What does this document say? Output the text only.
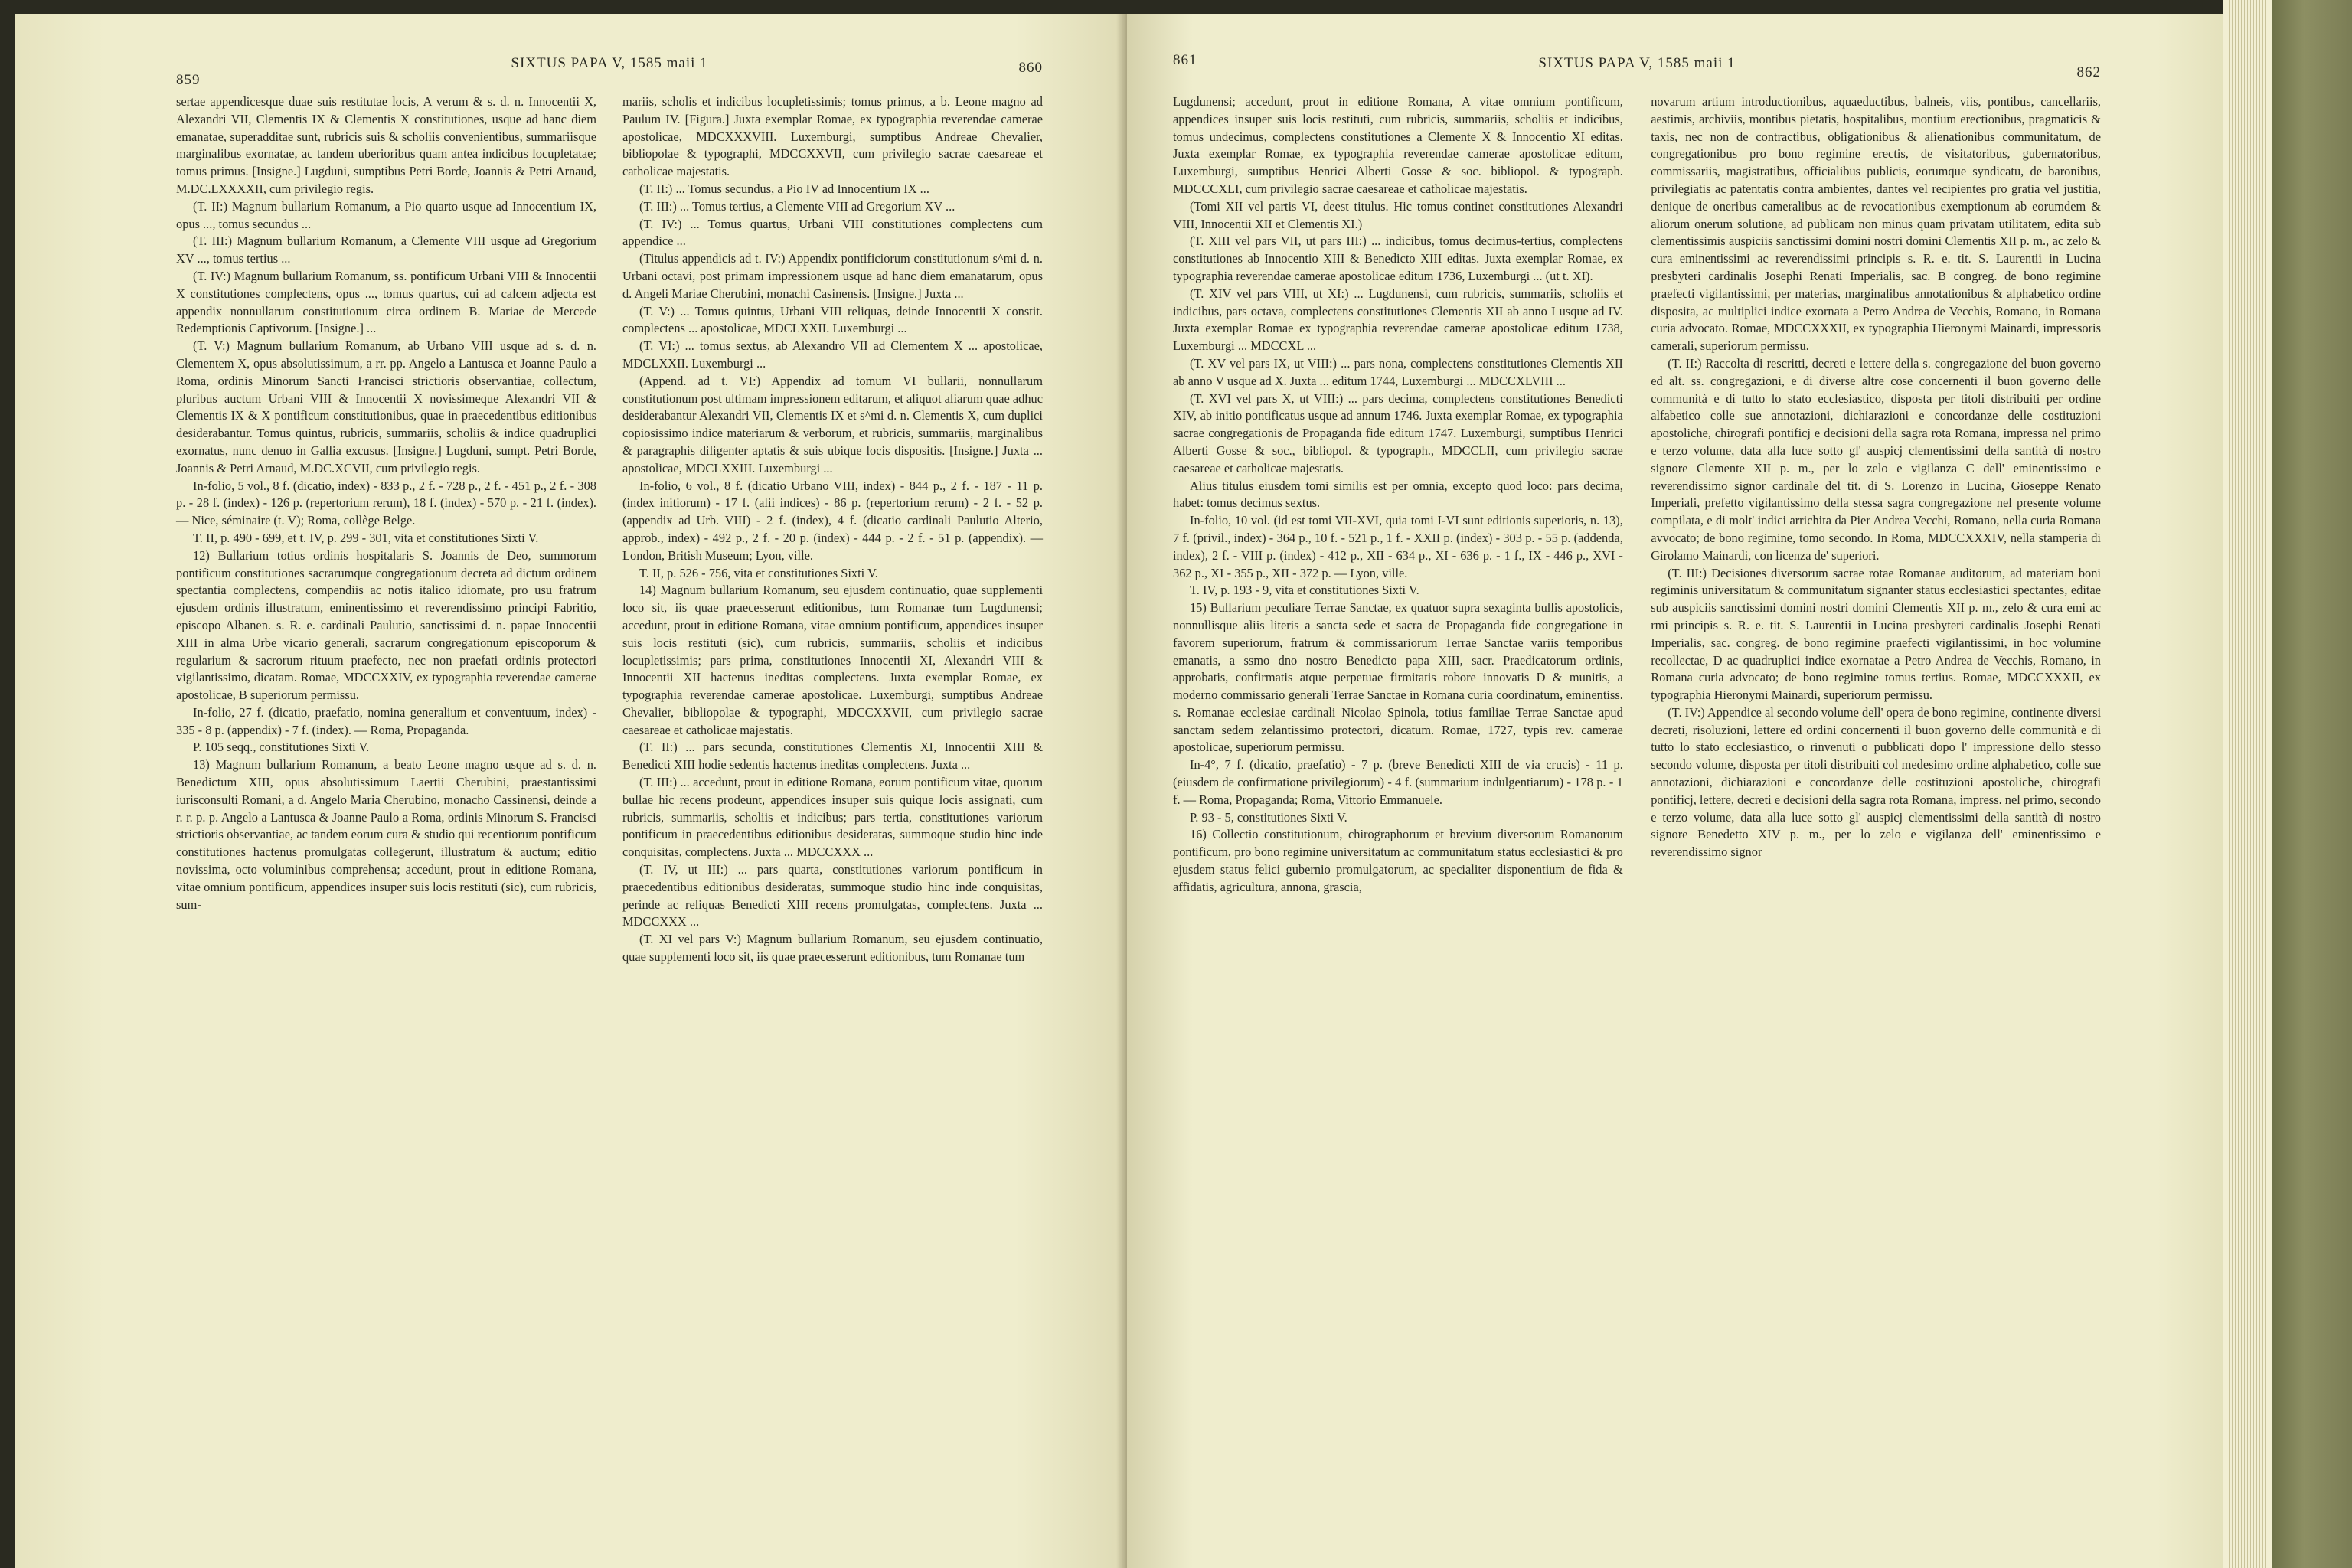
859
SIXTUS PAPA V, 1585 maii 1	860

sertae appendicesque duae suis restitutae locis, A verum & s. d. n. Innocentii X, Alexandri VII, Clementis IX & Clementis X constitutiones, usque ad hanc diem emanatae, superadditae sunt, rubricis suis & scholiis convenientibus, summariisque marginalibus exornatae, ac tandem uberioribus quam antea indicibus locupletatae; tomus primus. [Insigne.] Lugduni, sumptibus Petri Borde, Joannis & Petri Arnaud, M.DC.LXXXXII, cum privilegio regis.

(T. II:) Magnum bullarium Romanum, a Pio quarto usque ad Innocentium IX, opus ..., tomus secundus ...

(T. III:) Magnum bullarium Romanum, a Clemente VIII usque ad Gregorium XV ..., tomus tertius ...

(T. IV:) Magnum bullarium Romanum, ss. pontificum Urbani VIII & Innocentii X constitutiones complectens, opus ..., tomus quartus, cui ad calcem adjecta est appendix nonnullarum constitutionum circa ordinem B. Mariae de Mercede Redemptionis Captivorum. [Insigne.] ...

(T. V:) Magnum bullarium Romanum, ab Urbano VIII usque ad s. d. n. Clementem X, opus absolutissimum, a rr. pp. Angelo a Lantusca et Joanne Paulo a Roma, ordinis Minorum Sancti Francisci strictioris observantiae, collectum, pluribus auctum Urbani VIII & Innocentii X novissimeque Alexandri VII & Clementis IX & X pontificum constitutionibus, quae in praecedentibus editionibus desiderabantur. Tomus quintus, rubricis, summariis, scholiis & indice quadruplici exornatus, nunc denuo in Gallia excusus. [Insigne.] Lugduni, sumpt. Petri Borde, Joannis & Petri Arnaud, M.DC.XCVII, cum privilegio regis.

In-folio, 5 vol., 8 f. (dicatio, index) - 833 p., 2 f. - 728 p., 2 f. - 451 p., 2 f. - 308 p. - 28 f. (index) - 126 p. (repertorium rerum), 18 f. (index) - 570 p. - 21 f. (index). — Nice, séminaire (t. V); Roma, collège Belge.

T. II, p. 490 - 699, et t. IV, p. 299 - 301, vita et constitutiones Sixti V.

12) Bullarium totius ordinis hospitalaris S. Joannis de Deo, summorum pontificum constitutiones sacrarumque congregationum decreta ad dictum ordinem spectantia complectens, compendiis ac notis italico idiomate, pro usu fratrum ejusdem ordinis illustratum, eminentissimo et reverendissimo principi Fabritio, episcopo Albanen. s. R. e. cardinali Paulutio, sanctissimi d. n. papae Innocentii XIII in alma Urbe vicario generali, sacrarum congregationum episcoporum & regularium & sacrorum rituum praefecto, nec non praefati ordinis protectori vigilantissimo, dicatam. Romae, MDCCXXIV, ex typographia reverendae camerae apostolicae, B superiorum permissu.

In-folio, 27 f. (dicatio, praefatio, nomina generalium et conventuum, index) - 335 - 8 p. (appendix) - 7 f. (index). — Roma, Propaganda.

P. 105 seqq., constitutiones Sixti V.

13) Magnum bullarium Romanum, a beato Leone magno usque ad s. d. n. Benedictum XIII, opus absolutissimum Laertii Cherubini, praestantissimi iurisconsulti Romani, a d. Angelo Maria Cherubino, monacho Cassinensi, deinde a r. r. p. p. Angelo a Lantusca & Joanne Paulo a Roma, ordinis Minorum S. Francisci strictioris observantiae, ac tandem eorum cura & studio qui recentiorum pontificum constitutiones hactenus promulgatas collegerunt, illustratum & auctum; editio novissima, octo voluminibus comprehensa; accedunt, prout in editione Romana, vitae omnium pontificum, appendices insuper suis locis restituti (sic), cum rubricis, sum-

mariis, scholis et indicibus locupletissimis; tomus primus, a b. Leone magno ad Paulum IV. [Figura.] Juxta exemplar Romae, ex typographia reverendae camerae apostolicae, MDCXXXVIII. Luxemburgi, sumptibus Andreae Chevalier, bibliopolae & typographi, MDCCXXVII, cum privilegio sacrae caesareae et catholicae majestatis.

(T. II:) ... Tomus secundus, a Pio IV ad Innocentium IX ...

(T. III:) ... Tomus tertius, a Clemente VIII ad Gregorium XV ...

(T. IV:) ... Tomus quartus, Urbani VIII constitutiones complectens cum appendice ...

(Titulus appendicis ad t. IV:) Appendix pontificiorum constitutionum s^mi d. n. Urbani octavi, post primam impressionem usque ad hanc diem emanatarum, opus d. Angeli Mariae Cherubini, monachi Casinensis. [Insigne.] Juxta ...

(T. V:) ... Tomus quintus, Urbani VIII reliquas, deinde Innocentii X constit. complectens ... apostolicae, MDCLXXII. Luxemburgi ...

(T. VI:) ... tomus sextus, ab Alexandro VII ad Clementem X ... apostolicae, MDCLXXII. Luxemburgi ...

(Append. ad t. VI:) Appendix ad tomum VI bullarii, nonnullarum constitutionum post ultimam impressionem editarum, et aliquot aliarum quae adhuc desiderabantur Alexandri VII, Clementis IX et s^mi d. n. Clementis X, cum duplici copiosissimo indice materiarum & verborum, et rubricis, summariis, marginalibus & paragraphis diligenter aptatis & suis ubique locis dispositis. [Insigne.] Juxta ... apostolicae, MDCLXXIII. Luxemburgi ...

In-folio, 6 vol., 8 f. (dicatio Urbano VIII, index) - 844 p., 2 f. - 187 - 11 p. (index initiorum) - 17 f. (alii indices) - 86 p. (repertorium rerum) - 2 f. - 52 p. (appendix ad Urb. VIII) - 2 f. (index), 4 f. (dicatio cardinali Paulutio Alterio, approb., index) - 492 p., 2 f. - 20 p. (index) - 444 p. - 2 f. - 51 p. (appendix). — London, British Museum; Lyon, ville.

T. II, p. 526 - 756, vita et constitutiones Sixti V.

14) Magnum bullarium Romanum, seu ejusdem continuatio, quae supplementi loco sit, iis quae praecesserunt editionibus, tum Romanae tum Lugdunensi; accedunt, prout in editione Romana, vitae omnium pontificum, appendices insuper suis locis restituti (sic), cum rubricis, summariis, scholiis et indicibus locupletissimis; pars prima, constitutiones Innocentii XI, Alexandri VIII & Innocentii XII hactenus ineditas complectens. Juxta exemplar Romae, ex typographia reverendae camerae apostolicae. Luxemburgi, sumptibus Andreae Chevalier, bibliopolae & typographi, MDCCXXVII, cum privilegio sacrae caesareae et catholicae majestatis.

(T. II:) ... pars secunda, constitutiones Clementis XI, Innocentii XIII & Benedicti XIII hodie sedentis hactenus ineditas complectens. Juxta ...

(T. III:) ... accedunt, prout in editione Romana, eorum pontificum vitae, quorum bullae hic recens prodeunt, appendices insuper suis quique locis assignati, cum rubricis, summariis, scholiis et indicibus; pars tertia, constitutiones variorum pontificum in praecedentibus editionibus desideratas, summoque studio hinc inde conquisitas, complectens. Juxta ... MDCCXXX ...

(T. IV, ut III:) ... pars quarta, constitutiones variorum pontificum in praecedentibus editionibus desideratas, summoque studio hinc inde conquisitas, perinde ac reliquas Benedicti XIII recens promulgatas, complectens. Juxta ... MDCCXXX ...

(T. XI vel pars V:) Magnum bullarium Romanum, seu ejusdem continuatio, quae supplementi loco sit, iis quae praecesserunt editionibus, tum Romanae tum

861	SIXTUS PAPA V, 1585 maii 1
862

Lugdunensi; accedunt, prout in editione Romana, A vitae omnium pontificum, appendices insuper suis locis restituti, cum rubricis, summariis, scholiis et indicibus, tomus undecimus, complectens constitutiones a Clemente X & Innocentio XI editas. Juxta exemplar Romae, ex typographia reverendae camerae apostolicae editum, Luxemburgi, sumptibus Henrici Alberti Gosse & soc. bibliopol. & typograph. MDCCCXLI, cum privilegio sacrae caesareae et catholicae majestatis.

(Tomi XII vel partis VI, deest titulus. Hic tomus continet constitutiones Alexandri VIII, Innocentii XII et Clementis XI.)

(T. XIII vel pars VII, ut pars III:) ... indicibus, tomus decimus-tertius, complectens constitutiones ab Innocentio XIII & Benedicto XIII editas. Juxta exemplar Romae, ex typographia reverendae camerae apostolicae editum 1736, Luxemburgi ... (ut t. XI).

(T. XIV vel pars VIII, ut XI:) ... Lugdunensi, cum rubricis, summariis, scholiis et indicibus, pars octava, complectens constitutiones Clementis XII ab anno I usque ad IV. Juxta exemplar Romae ex typographia reverendae camerae apostolicae editum 1738, Luxemburgi ... MDCCXL ...

(T. XV vel pars IX, ut VIII:) ... pars nona, complectens constitutiones Clementis XII ab anno V usque ad X. Juxta ... editum 1744, Luxemburgi ... MDCCXLVIII ...

(T. XVI vel pars X, ut VIII:) ... pars decima, complectens constitutiones Benedicti XIV, ab initio pontificatus usque ad annum 1746. Juxta exemplar Romae, ex typographia sacrae congregationis de Propaganda fide editum 1747. Luxemburgi, sumptibus Henrici Alberti Gosse & soc., bibliopol. & typograph., MDCCLII, cum privilegio sacrae caesareae et catholicae majestatis.

Alius titulus eiusdem tomi similis est per omnia, excepto quod loco: pars decima, habet: tomus decimus sextus.

In-folio, 10 vol. (id est tomi VII-XVI, quia tomi I-VI sunt editionis superioris, n. 13), 7 f. (privil., index) - 364 p., 10 f. - 521 p., 1 f. - XXII p. (index) - 303 p. - 55 p. (addenda, index), 2 f. - VIII p. (index) - 412 p., XII - 634 p., XI - 636 p. - 1 f., IX - 446 p., XVI - 362 p., XI - 355 p., XII - 372 p. — Lyon, ville.

T. IV, p. 193 - 9, vita et constitutiones Sixti V.

15) Bullarium peculiare Terrae Sanctae, ex quatuor supra sexaginta bullis apostolicis, nonnullisque aliis literis a sancta sede et sacra de Propaganda fide congregatione in favorem superiorum, fratrum & commissariorum Terrae Sanctae variis temporibus emanatis, a ssmo dno nostro Benedicto papa XIII, sacr. Praedicatorum ordinis, approbatis, confirmatis atque perpetuae firmitatis robore innovatis D & munitis, a moderno commissario generali Terrae Sanctae in Romana curia coordinatum, eminentiss. s. Romanae ecclesiae cardinali Nicolao Spinola, totius familiae Terrae Sanctae apud sanctam sedem zelantissimo protectori, dicatum. Romae, 1727, typis rev. camerae apostolicae, superiorum permissu.

In-4°, 7 f. (dicatio, praefatio) - 7 p. (breve Benedicti XIII de via crucis) - 11 p. (eiusdem de confirmatione privilegiorum) - 4 f. (summarium indulgentiarum) - 178 p. - 1 f. — Roma, Propaganda; Roma, Vittorio Emmanuele.

P. 93 - 5, constitutiones Sixti V.

16) Collectio constitutionum, chirographorum et brevium diversorum Romanorum pontificum, pro bono regimine universitatum ac communitatum status ecclesiastici & pro ejusdem status felici gubernio promulgatorum, ac specialiter disponentium de fida & affidatis, agricultura, annona, grascia,

novarum artium introductionibus, aquaeductibus, balneis, viis, pontibus, cancellariis, aestimis, archiviis, montibus pietatis, hospitalibus, montium erectionibus, pragmaticis & taxis, nec non de contractibus, obligationibus & alienationibus communitatum, de congregationibus pro bono regimine erectis, de visitatoribus, gubernatoribus, commissariis, magistratibus, officialibus publicis, eorumque syndicatu, de baronibus, privilegiatis ac patentatis contra ambientes, dantes vel recipientes pro gratia vel justitia, denique de oneribus cameralibus ac de revocationibus exemptionum ab eorumdem & aliorum onerum solutione, ad publicam non minus quam privatam utilitatem, edita sub clementissimis auspiciis sanctissimi domini nostri domini Clementis XII p. m., ac zelo & cura eminentissimi ac reverendissimi principis s. R. e. tit. S. Laurentii in Lucina presbyteri cardinalis Josephi Renati Imperialis, sac. B congreg. de bono regimine praefecti vigilantissimi, per materias, marginalibus annotationibus & alphabetico ordine disposita, ac multiplici indice exornata a Petro Andrea de Vecchis, Romano, in Romana curia advocato. Romae, MDCCXXXII, ex typographia Hieronymi Mainardi, impressoris camerali, superiorum permissu.

(T. II:) Raccolta di rescritti, decreti e lettere della s. congregazione del buon governo ed alt. ss. congregazioni, e di diverse altre cose concernenti il buon governo delle communità e di tutto lo stato ecclesiastico, disposta per titoli distribuiti per ordine alfabetico colle sue annotazioni, dichiarazioni e concordanze delle costituzioni apostoliche, chirografi pontificj e decisioni della sagra rota Romana, impressa nel primo e terzo volume, data alla luce sotto gl' auspicj clementissimi della santità di nostro signore Clemente XII p. m., per lo zelo e vigilanza C dell' eminentissimo e reverendissimo signor cardinale del tit. di S. Lorenzo in Lucina, Gioseppe Renato Imperiali, prefetto vigilantissimo della stessa sagra congregazione nel presente volume compilata, e di molt' indici arrichita da Pier Andrea Vecchi, Romano, nella curia Romana avvocato; de bono regimine, tomo secondo. In Roma, MDCCXXXIV, nella stamperia di Girolamo Mainardi, con licenza de' superiori.

(T. III:) Decisiones diversorum sacrae rotae Romanae auditorum, ad materiam boni regiminis universitatum & communitatum signanter status ecclesiastici spectantes, editae sub auspiciis sanctissimi domini nostri domini Clementis XII p. m., zelo & cura emi ac rmi principis s. R. e. tit. S. Laurentii in Lucina presbyteri cardinalis Josephi Renati Imperialis, sac. congreg. de bono regimine praefecti vigilantissimi, in hoc volumine recollectae, D ac quadruplici indice exornatae a Petro Andrea de Vecchis, Romano, in Romana curia advocato; de bono regimine tomus tertius. Romae, MDCCXXXII, ex typographia Hieronymi Mainardi, superiorum permissu.

(T. IV:) Appendice al secondo volume dell' opera de bono regimine, continente diversi decreti, risoluzioni, lettere ed ordini concernenti il buon governo delle communità e di tutto lo stato ecclesiastico, o rinvenuti o pubblicati dopo l' impressione dello stesso secondo volume, disposta per titoli distribuiti col medesimo ordine alphabetico, colle sue annotazioni, dichiarazioni e concordanze delle costituzioni apostoliche, chirografi pontificj, lettere, decreti e decisioni della sagra rota Romana, impress. nel primo, secondo e terzo volume, data alla luce sotto gl' auspicj clementissimi della santità di nostro signore Benedetto XIV p. m., per lo zelo e vigilanza dell' eminentissimo e reverendissimo signor
